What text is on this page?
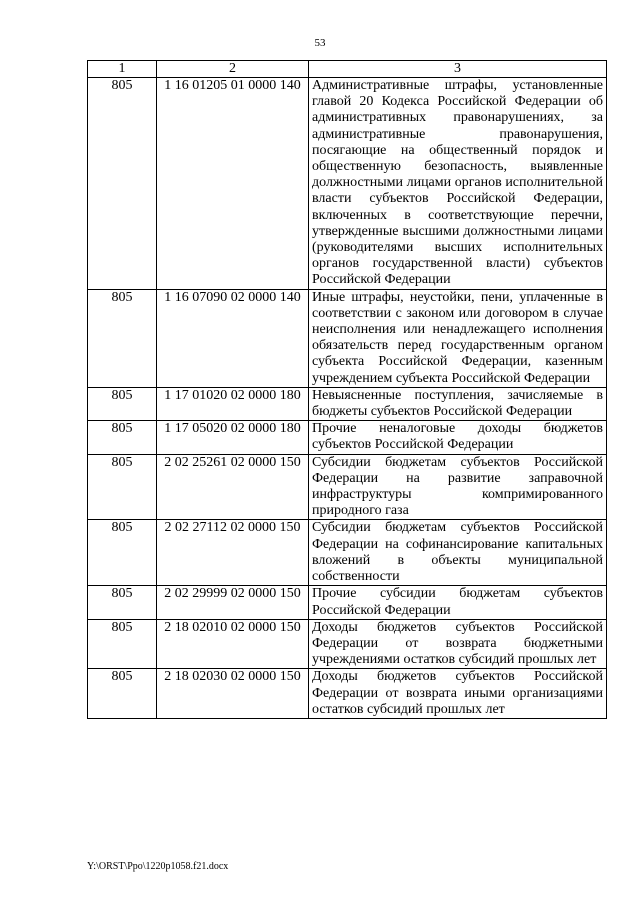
53
1	2	3
805	1 16 01205 01 0000 140	Административные штрафы, установленные главой 20 Кодекса Российской Федерации об административных правонарушениях, за административные правонарушения, посягающие на общественный порядок и общественную безопасность, выявленные должностными лицами органов исполнительной власти субъектов Российской Федерации, включенных в соответствующие перечни, утвержденные высшими должностными лицами (руководителями высших исполнительных органов государственной власти) субъектов Российской Федерации
805	1 16 07090 02 0000 140	Иные штрафы, неустойки, пени, уплаченные в соответствии с законом или договором в случае неисполнения или ненадлежащего исполнения обязательств перед государственным органом субъекта Российской Федерации, казенным учреждением субъекта Российской Федерации
805	1 17 01020 02 0000 180	Невыясненные поступления, зачисляемые в бюджеты субъектов Российской Федерации
805	1 17 05020 02 0000 180	Прочие неналоговые доходы бюджетов субъектов Российской Федерации
805	2 02 25261 02 0000 150	Субсидии бюджетам субъектов Российской Федерации на развитие заправочной инфраструктуры компримированного природного газа
805	2 02 27112 02 0000 150	Субсидии бюджетам субъектов Российской Федерации на софинансирование капитальных вложений в объекты муниципальной собственности
805	2 02 29999 02 0000 150	Прочие субсидии бюджетам субъектов Российской Федерации
805	2 18 02010 02 0000 150	Доходы бюджетов субъектов Российской Федерации от возврата бюджетными учреждениями остатков субсидий прошлых лет
805	2 18 02030 02 0000 150	Доходы бюджетов субъектов Российской Федерации от возврата иными организациями остатков субсидий прошлых лет
Y:\ORST\Ppo\1220p1058.f21.docx
